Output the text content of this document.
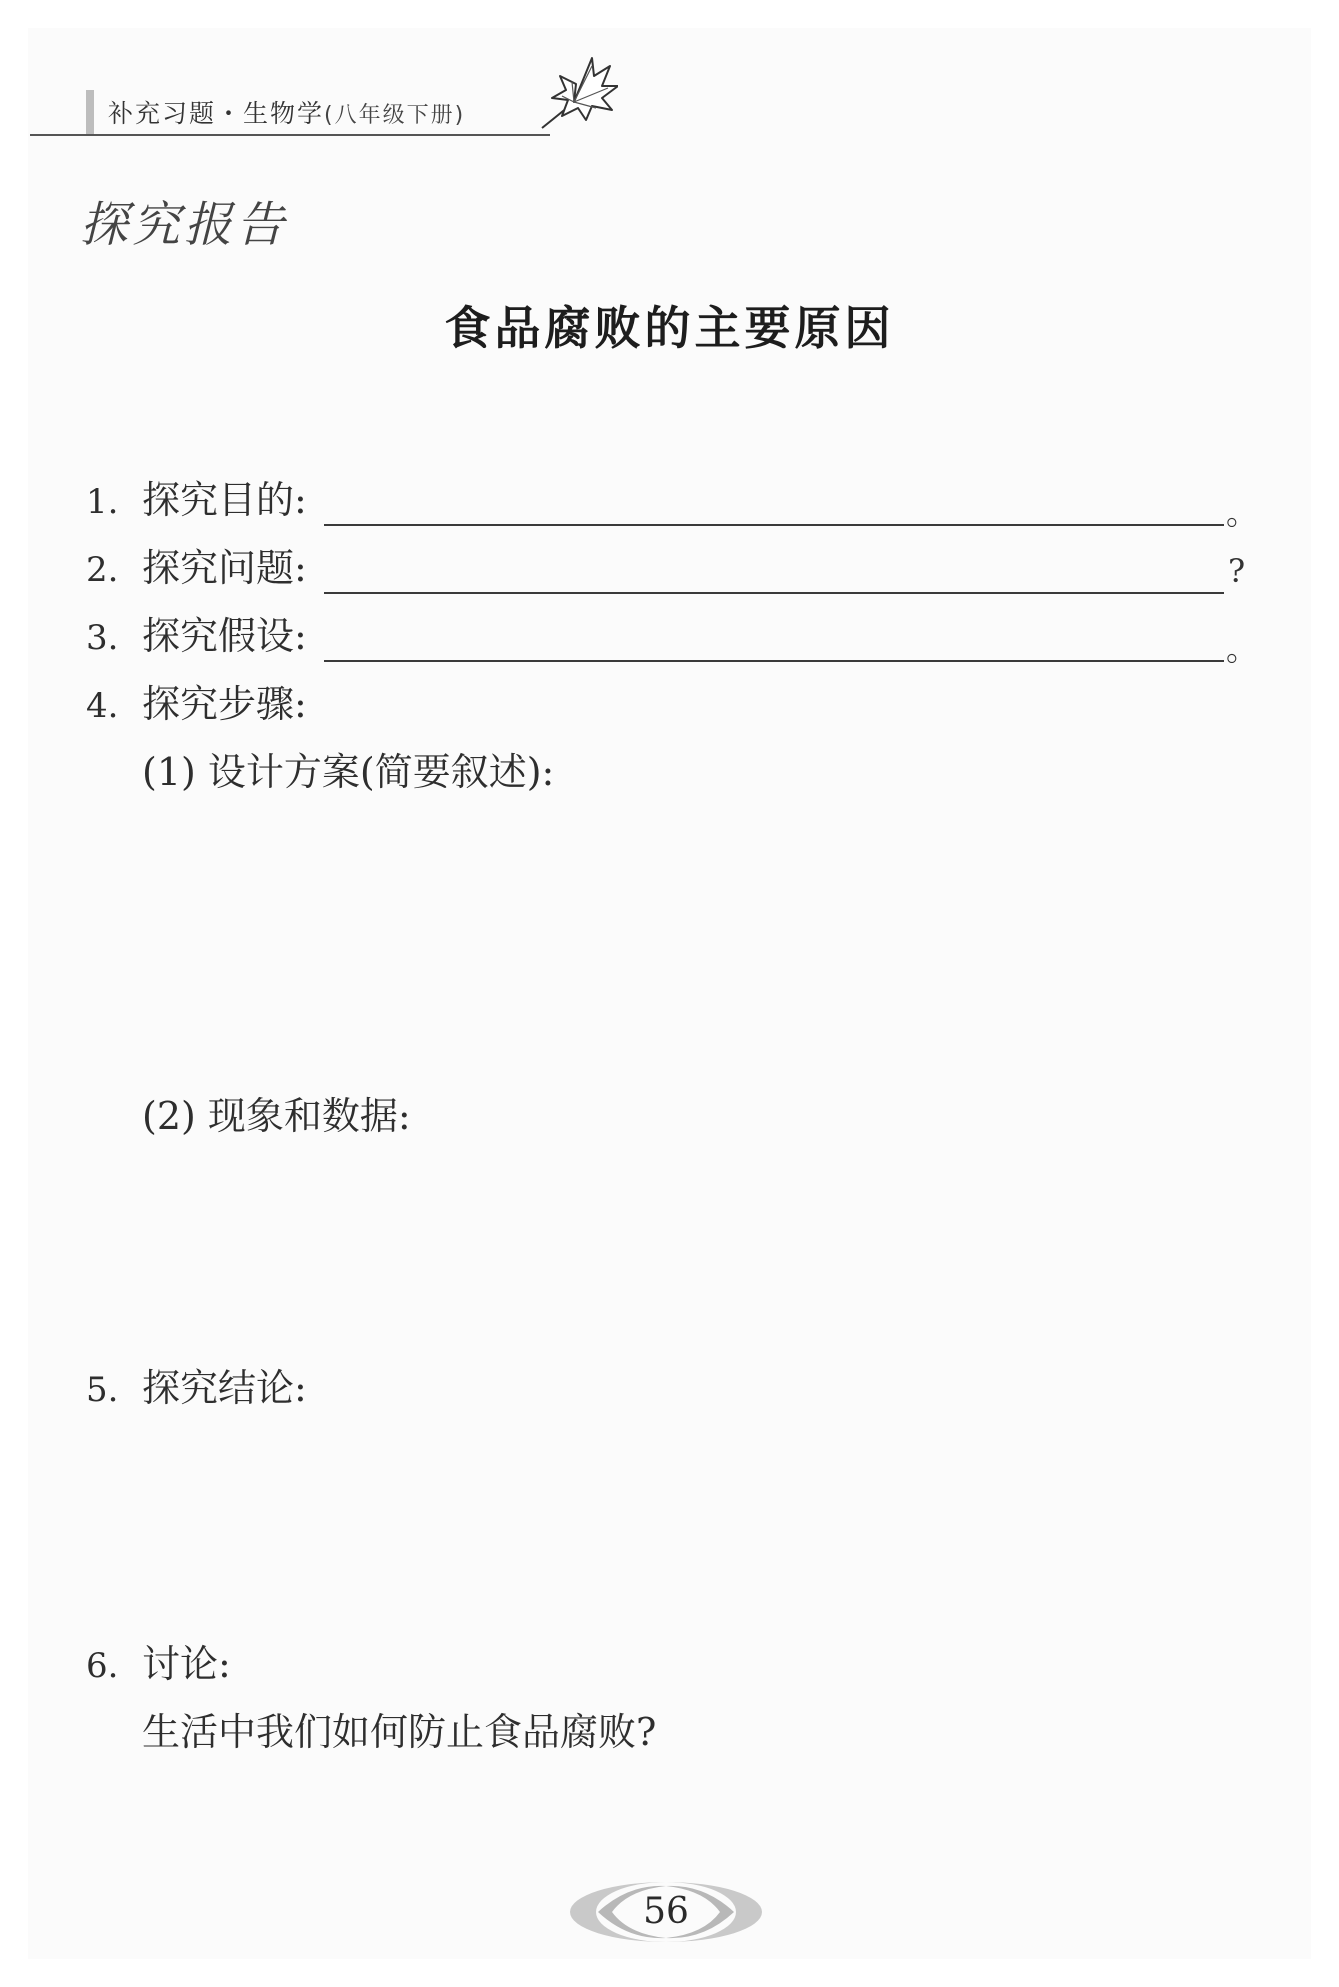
补充习题・生物学(八年级下册)
探究报告
食品腐败的主要原因
1. 探究目的:	。
2. 探究问题:	?
3. 探究假设:	。
4. 探究步骤:
(1) 设计方案(简要叙述):
(2) 现象和数据:
5. 探究结论:
6. 讨论:
生活中我们如何防止食品腐败?
56
